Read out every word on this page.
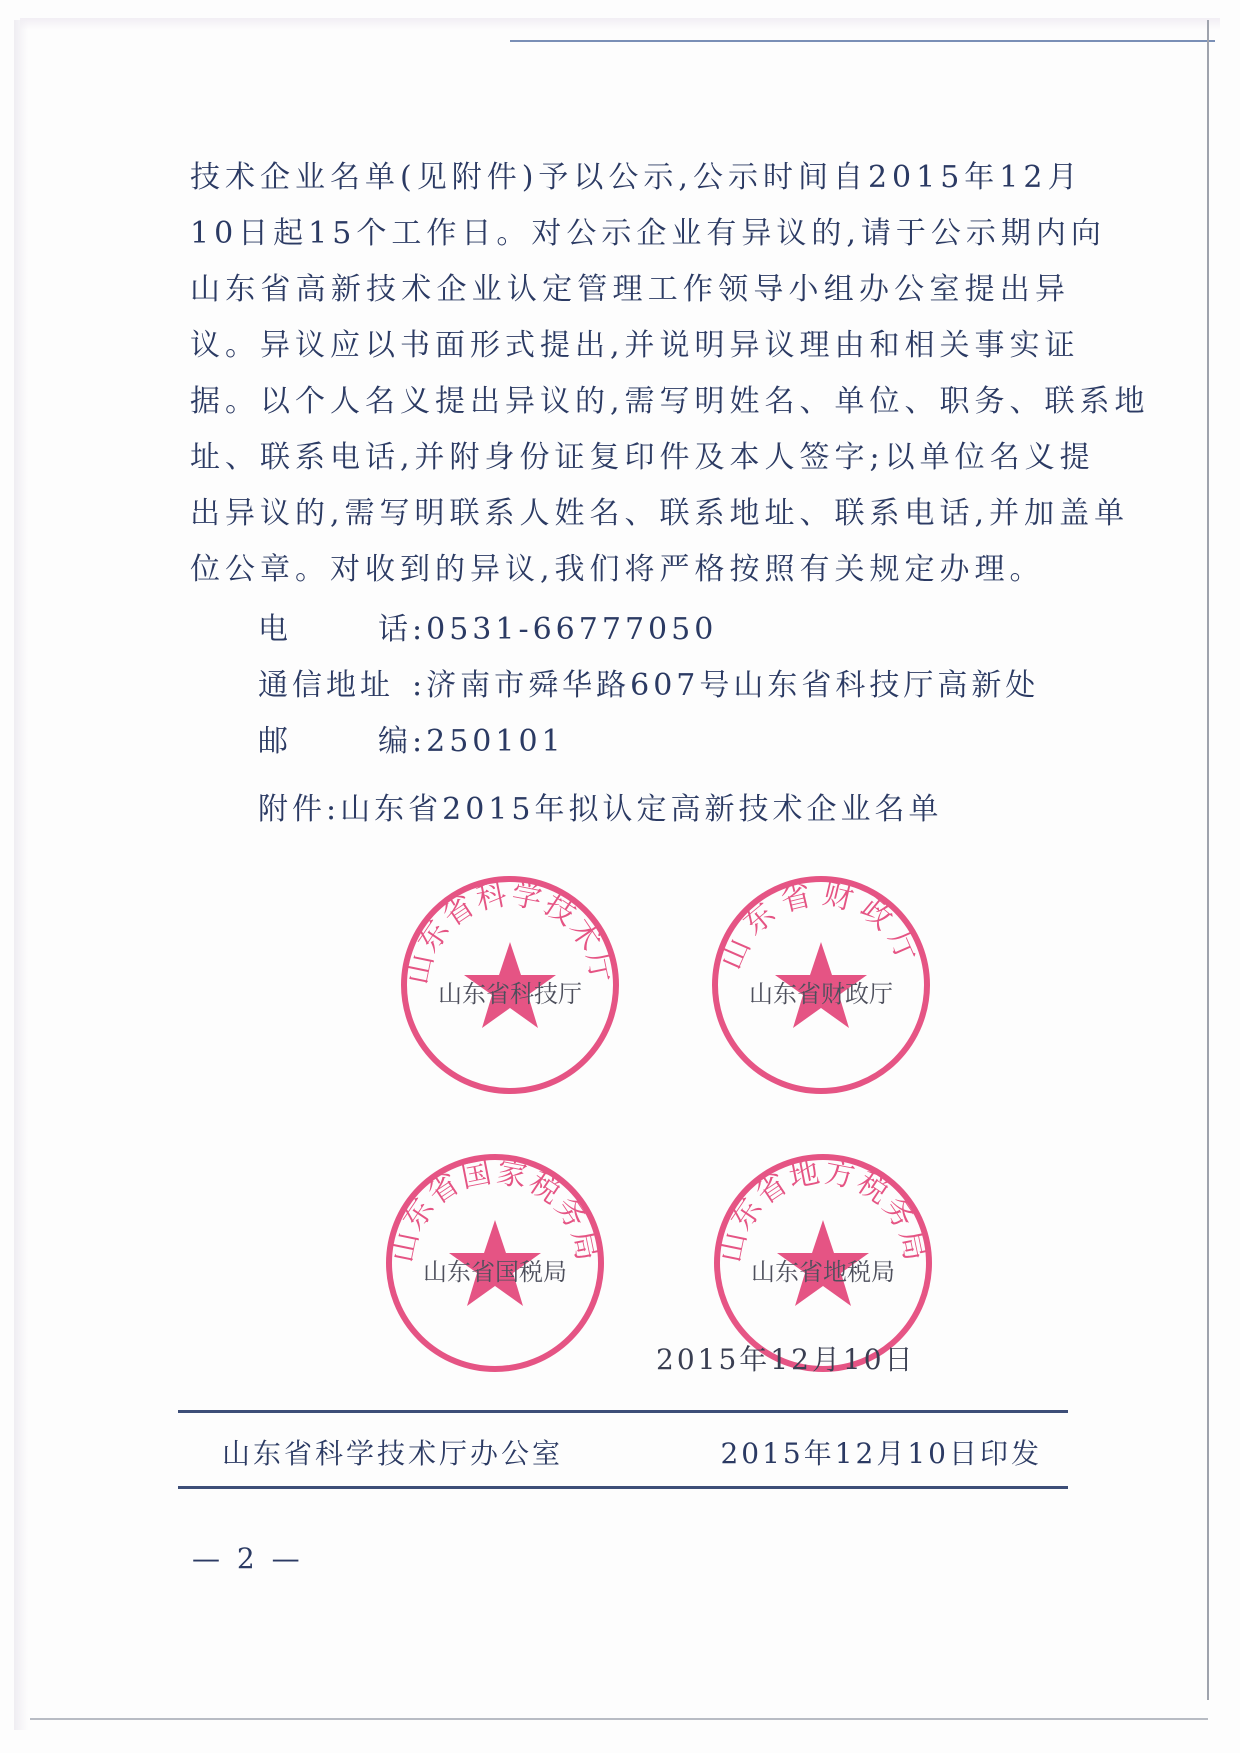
技术企业名单(见附件)予以公示,公示时间自2015年12月
10日起15个工作日。对公示企业有异议的,请于公示期内向
山东省高新技术企业认定管理工作领导小组办公室提出异
议。异议应以书面形式提出,并说明异议理由和相关事实证
据。以个人名义提出异议的,需写明姓名、单位、职务、联系地
址、联系电话,并附身份证复印件及本人签字;以单位名义提
出异议的,需写明联系人姓名、联系地址、联系电话,并加盖单
位公章。对收到的异议,我们将严格按照有关规定办理。
电话:0531-66777050
通信地址 :济南市舜华路607号山东省科技厅高新处
邮编:250101
附件:山东省2015年拟认定高新技术企业名单
山东省科学技术厅
山东省科技厅
山东省财政厅
山东省财政厅
山东省国家税务局
山东省国税局
山东省地方税务局
山东省地税局
2015年12月10日
山东省科学技术厅办公室	2015年12月10日印发
— 2 —
